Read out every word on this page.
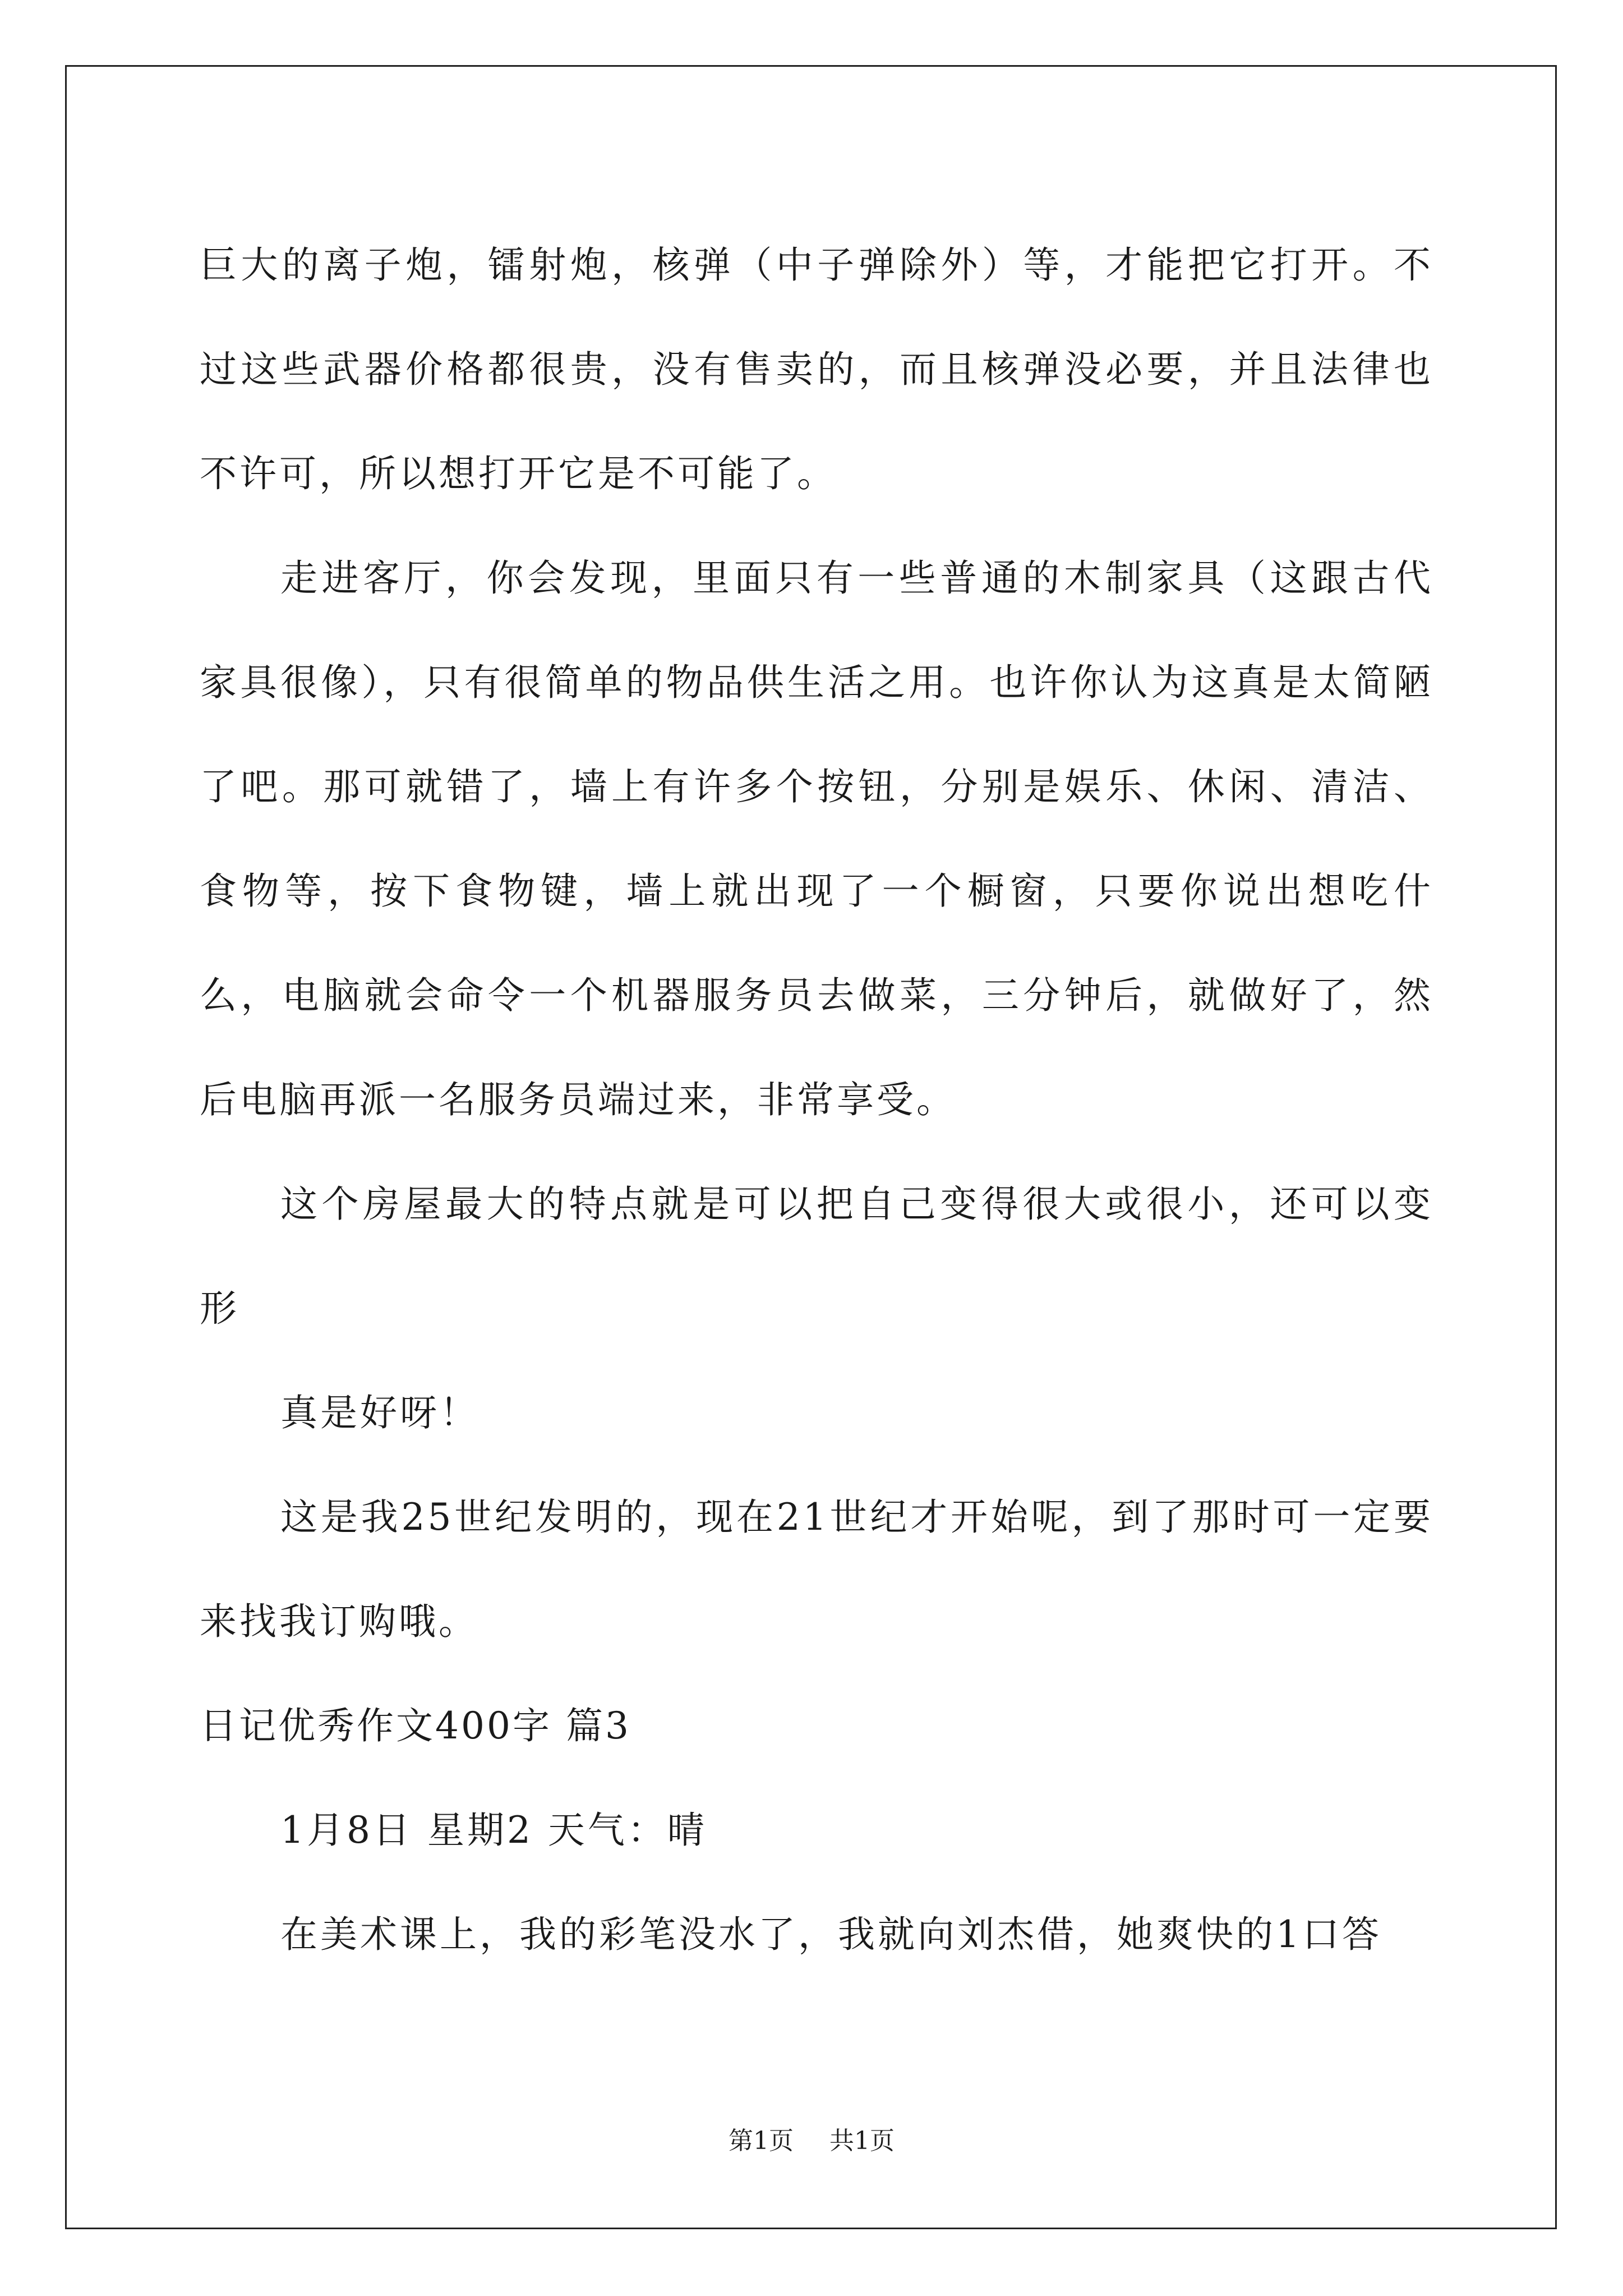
巨大的离子炮，镭射炮，核弹（中子弹除外）等，才能把它打开。不过这些武器价格都很贵，没有售卖的，而且核弹没必要，并且法律也不许可，所以想打开它是不可能了。

走进客厅，你会发现，里面只有一些普通的木制家具（这跟古代家具很像），只有很简单的物品供生活之用。也许你认为这真是太简陋了吧。那可就错了，墙上有许多个按钮，分别是娱乐、休闲、清洁、食物等，按下食物键，墙上就出现了一个橱窗，只要你说出想吃什么，电脑就会命令一个机器服务员去做菜，三分钟后，就做好了，然后电脑再派一名服务员端过来，非常享受。

这个房屋最大的特点就是可以把自己变得很大或很小，还可以变形

真是好呀！

这是我25世纪发明的，现在21世纪才开始呢，到了那时可一定要来找我订购哦。

日记优秀作文400字 篇3

1月8日 星期2 天气：晴

在美术课上，我的彩笔没水了，我就向刘杰借，她爽快的1口答

第1页 共1页
